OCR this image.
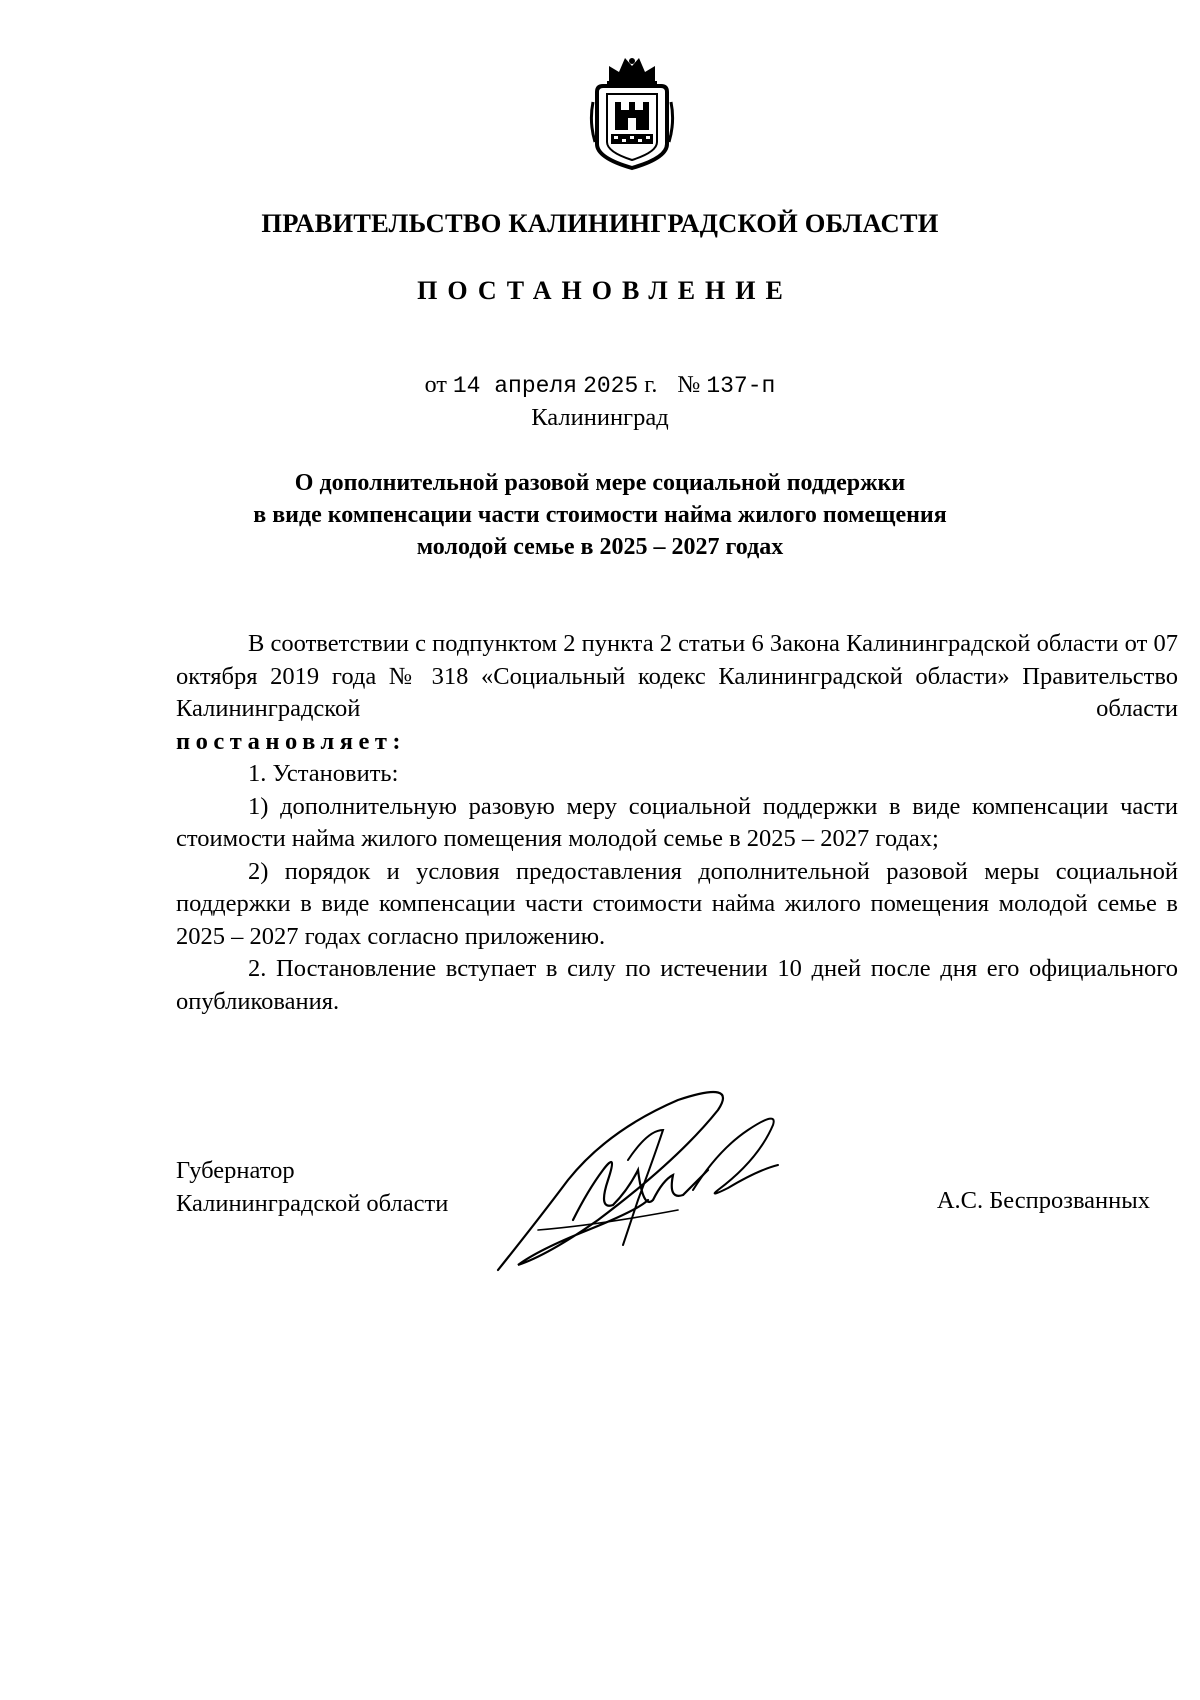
ПРАВИТЕЛЬСТВО КАЛИНИНГРАДСКОЙ ОБЛАСТИ
ПОСТАНОВЛЕНИЕ
от 14 апреля 2025 г. № 137-п
Калининград
О дополнительной разовой мере социальной поддержки
в виде компенсации части стоимости найма жилого помещения
молодой семье в 2025 – 2027 годах

В соответствии с подпунктом 2 пункта 2 статьи 6 Закона Калининградской области от 07 октября 2019 года № 318 «Социальный кодекс Калининградской области» Правительство Калининградской области

постановляет:

1. Установить:

1) дополнительную разовую меру социальной поддержки в виде компенсации части стоимости найма жилого помещения молодой семье в 2025 – 2027 годах;

2) порядок и условия предоставления дополнительной разовой меры социальной поддержки в виде компенсации части стоимости найма жилого помещения молодой семье в 2025 – 2027 годах согласно приложению.

2. Постановление вступает в силу по истечении 10 дней после дня его официального опубликования.

Губернатор
Калининградской области	А.С. Беспрозванных
